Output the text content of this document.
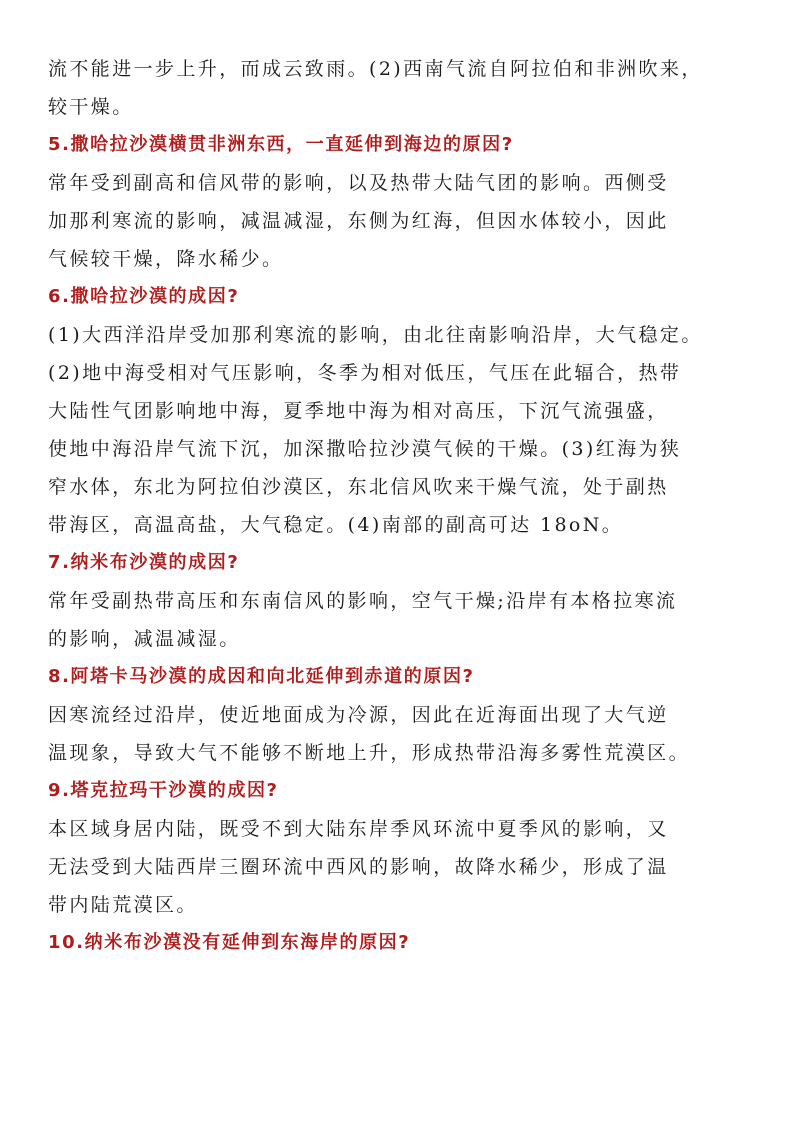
流不能进一步上升，而成云致雨。(2)西南气流自阿拉伯和非洲吹来，
较干燥。

5.撒哈拉沙漠横贯非洲东西，一直延伸到海边的原因?

常年受到副高和信风带的影响，以及热带大陆气团的影响。西侧受
加那利寒流的影响，减温减湿，东侧为红海，但因水体较小，因此
气候较干燥，降水稀少。

6.撒哈拉沙漠的成因?

(1)大西洋沿岸受加那利寒流的影响，由北往南影响沿岸，大气稳定。
(2)地中海受相对气压影响，冬季为相对低压，气压在此辐合，热带
大陆性气团影响地中海，夏季地中海为相对高压，下沉气流强盛，
使地中海沿岸气流下沉，加深撒哈拉沙漠气候的干燥。(3)红海为狭
窄水体，东北为阿拉伯沙漠区，东北信风吹来干燥气流，处于副热
带海区，高温高盐，大气稳定。(4)南部的副高可达 18oN。

7.纳米布沙漠的成因?

常年受副热带高压和东南信风的影响，空气干燥;沿岸有本格拉寒流
的影响，减温减湿。

8.阿塔卡马沙漠的成因和向北延伸到赤道的原因?

因寒流经过沿岸，使近地面成为冷源，因此在近海面出现了大气逆
温现象，导致大气不能够不断地上升，形成热带沿海多雾性荒漠区。

9.塔克拉玛干沙漠的成因?

本区域身居内陆，既受不到大陆东岸季风环流中夏季风的影响，又
无法受到大陆西岸三圈环流中西风的影响，故降水稀少，形成了温
带内陆荒漠区。

10.纳米布沙漠没有延伸到东海岸的原因?
